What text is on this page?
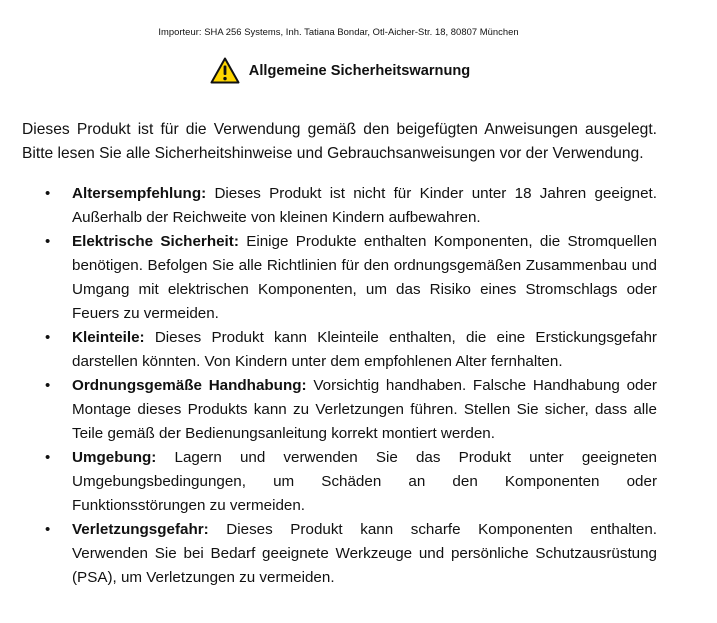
Importeur: SHA 256 Systems, Inh. Tatiana Bondar, Otl-Aicher-Str. 18, 80807 München
Allgemeine Sicherheitswarnung

Dieses Produkt ist für die Verwendung gemäß den beigefügten Anweisungen ausgelegt. Bitte lesen Sie alle Sicherheitshinweise und Gebrauchsanweisungen vor der Verwendung.

• Altersempfehlung: Dieses Produkt ist nicht für Kinder unter 18 Jahren geeignet. Außerhalb der Reichweite von kleinen Kindern aufbewahren.
• Elektrische Sicherheit: Einige Produkte enthalten Komponenten, die Stromquellen benötigen. Befolgen Sie alle Richtlinien für den ordnungsgemäßen Zusammenbau und Umgang mit elektrischen Komponenten, um das Risiko eines Stromschlags oder Feuers zu vermeiden.
• Kleinteile: Dieses Produkt kann Kleinteile enthalten, die eine Erstickungsgefahr darstellen könnten. Von Kindern unter dem empfohlenen Alter fernhalten.
• Ordnungsgemäße Handhabung: Vorsichtig handhaben. Falsche Handhabung oder Montage dieses Produkts kann zu Verletzungen führen. Stellen Sie sicher, dass alle Teile gemäß der Bedienungsanleitung korrekt montiert werden.
• Umgebung: Lagern und verwenden Sie das Produkt unter geeigneten Umgebungsbedingungen, um Schäden an den Komponenten oder Funktionsstörungen zu vermeiden.
• Verletzungsgefahr: Dieses Produkt kann scharfe Komponenten enthalten. Verwenden Sie bei Bedarf geeignete Werkzeuge und persönliche Schutzausrüstung (PSA), um Verletzungen zu vermeiden.
